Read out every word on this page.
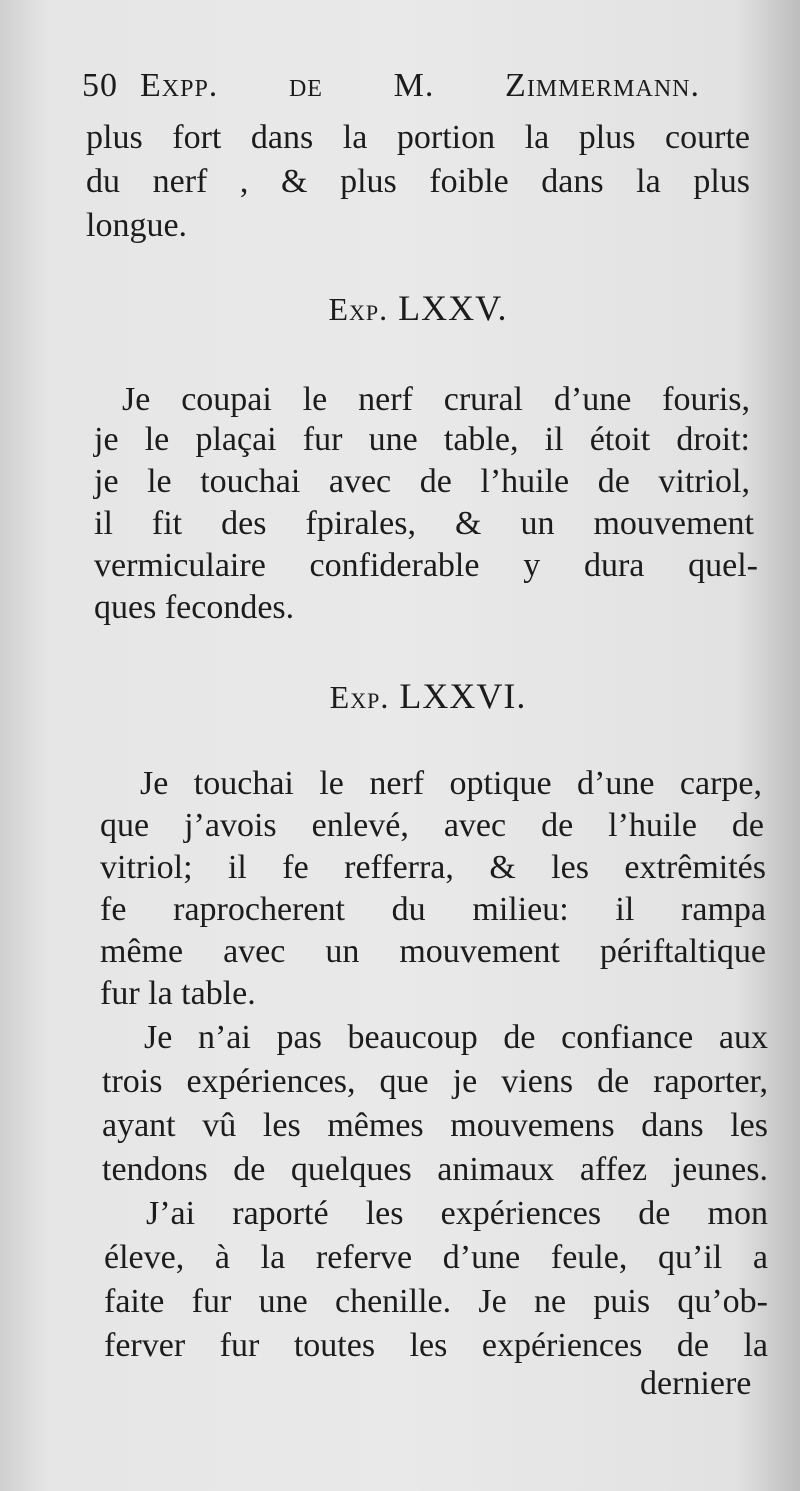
50 Expp. de M. Zimmermann.
plus fort dans la portion la plus courte
du nerf , & plus foible dans la plus
longue.
Exp. LXXV.
Je coupai le nerf crural d’une fouris,
je le plaçai fur une table, il étoit droit:
je le touchai avec de l’huile de vitriol,
il fit des fpirales, & un mouvement
vermiculaire confiderable y dura quel-
ques fecondes.
Exp. LXXVI.
Je touchai le nerf optique d’une carpe,
que j’avois enlevé, avec de l’huile de
vitriol; il fe refferra, & les extrêmités
fe raprocherent du milieu: il rampa
même avec un mouvement périftaltique
fur la table.
Je n’ai pas beaucoup de confiance aux
trois expériences, que je viens de raporter,
ayant vû les mêmes mouvemens dans les
tendons de quelques animaux affez jeunes.
J’ai raporté les expériences de mon
éleve, à la referve d’une feule, qu’il a
faite fur une chenille. Je ne puis qu’ob-
ferver fur toutes les expériences de la
derniere
